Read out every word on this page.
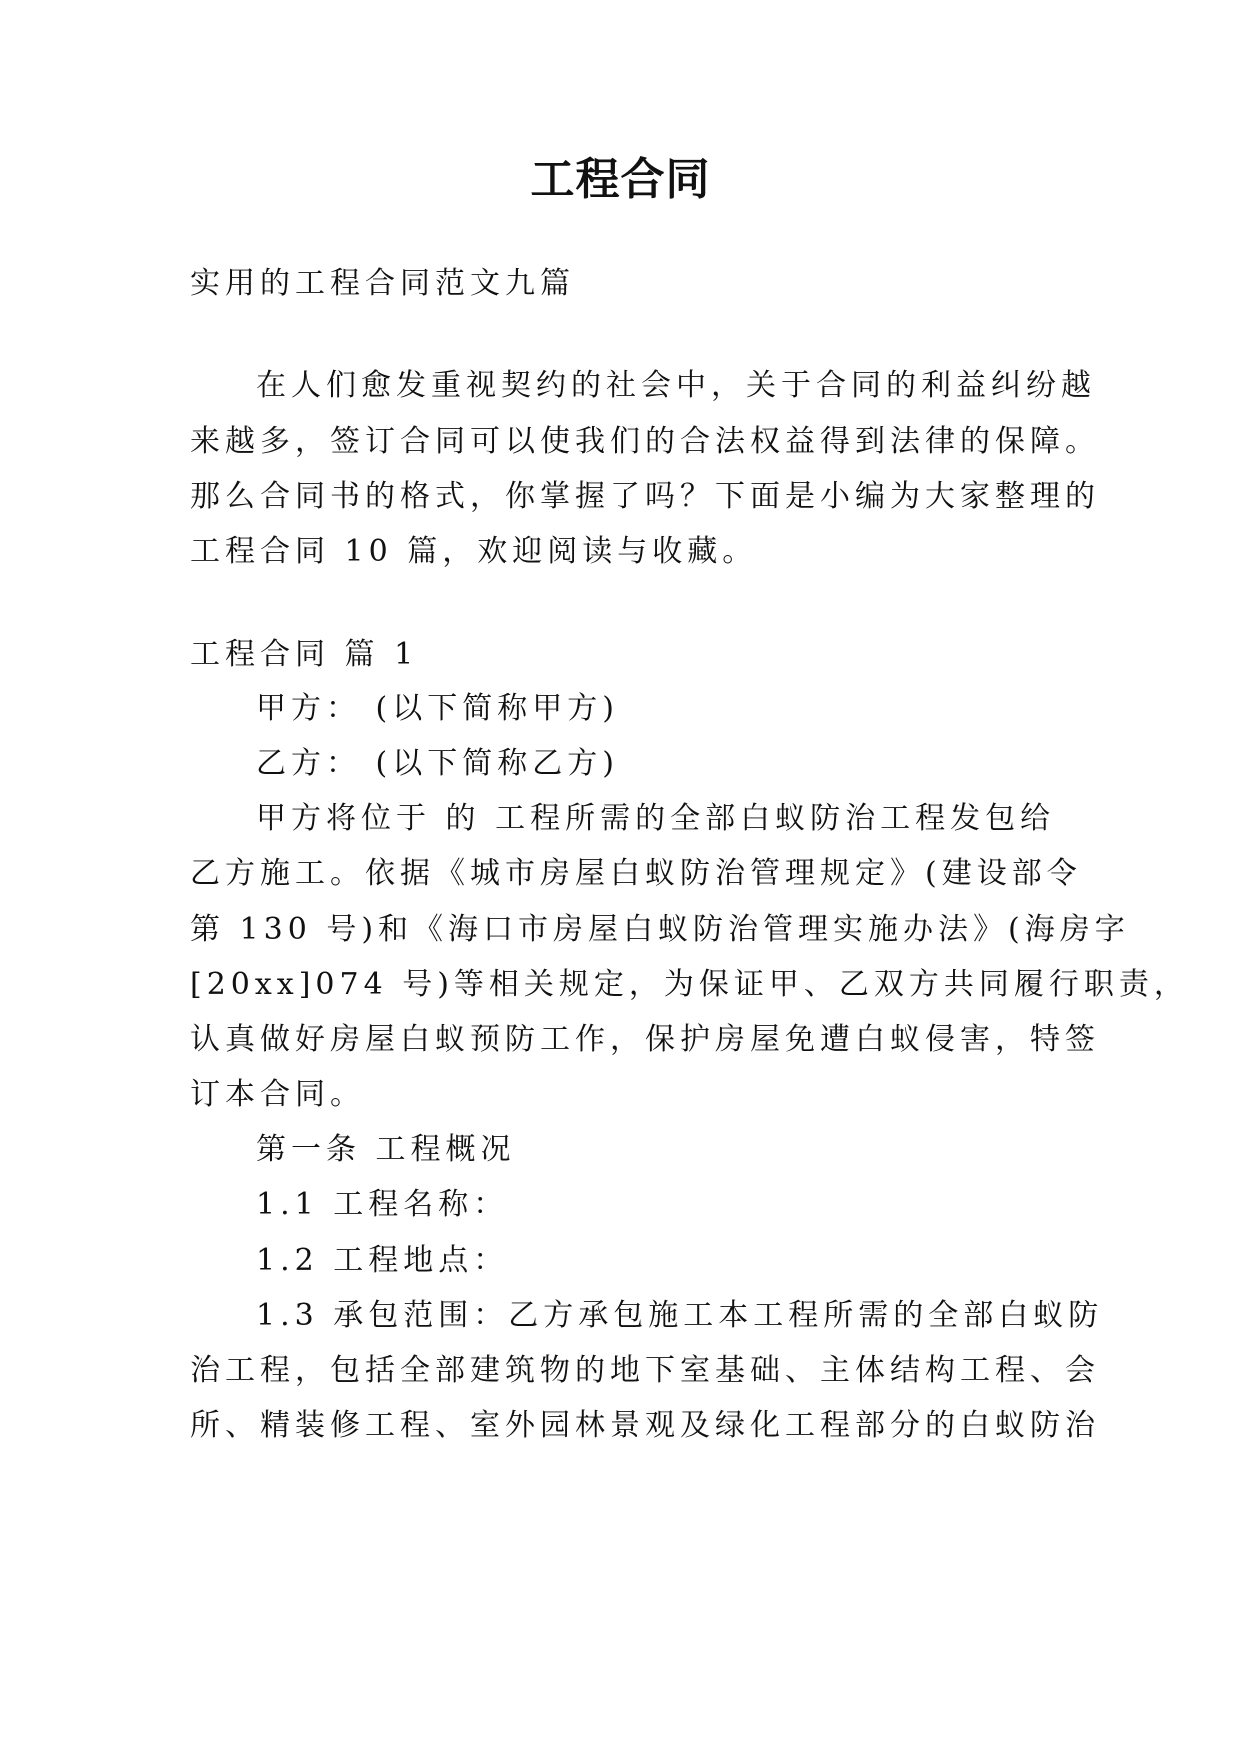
工程合同
实用的工程合同范文九篇
在人们愈发重视契约的社会中，关于合同的利益纠纷越
来越多，签订合同可以使我们的合法权益得到法律的保障。
那么合同书的格式，你掌握了吗？下面是小编为大家整理的
工程合同 10 篇，欢迎阅读与收藏。
工程合同 篇 1
甲方： (以下简称甲方)
乙方： (以下简称乙方)
甲方将位于 的 工程所需的全部白蚁防治工程发包给
乙方施工。依据《城市房屋白蚁防治管理规定》(建设部令
第 130 号)和《海口市房屋白蚁防治管理实施办法》(海房字
[20xx]074 号)等相关规定，为保证甲、乙双方共同履行职责，
认真做好房屋白蚁预防工作，保护房屋免遭白蚁侵害，特签
订本合同。
第一条 工程概况
1.1 工程名称：
1.2 工程地点：
1.3 承包范围：乙方承包施工本工程所需的全部白蚁防
治工程，包括全部建筑物的地下室基础、主体结构工程、会
所、精装修工程、室外园林景观及绿化工程部分的白蚁防治
